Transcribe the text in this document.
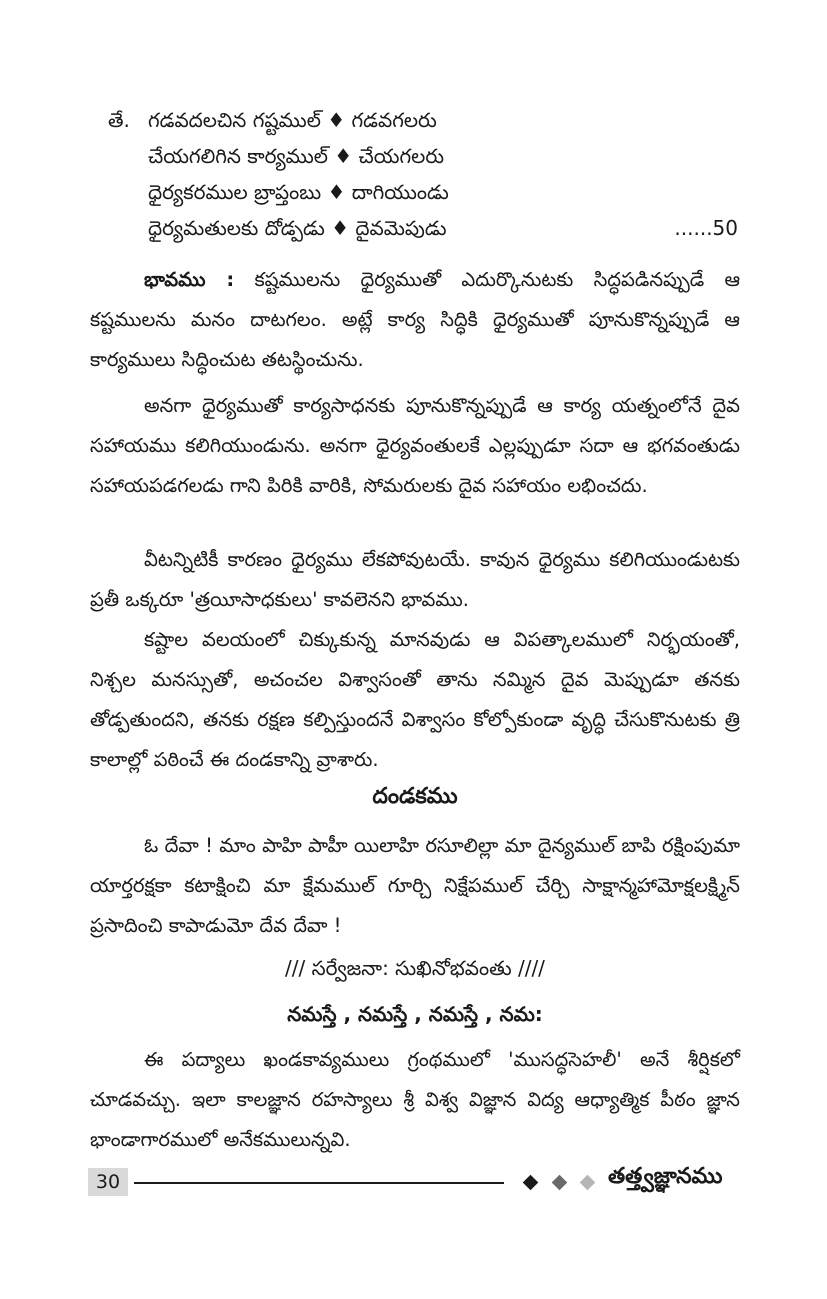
తే. గడవదలచిన గష్టముల్ ♦ గడవగలరు
చేయగలిగిన కార్యముల్ ♦ చేయగలరు
ధైర్యకరముల బ్రాప్తంబు ♦ దాగియుండు
ధైర్యమతులకు దోడ్పడు ♦ దైవమెపుడు	......50

భావము : కష్టములను ధైర్యముతో ఎదుర్కొనుటకు సిద్ధపడినప్పుడే ఆ కష్టములను మనం దాటగలం. అట్లే కార్య సిద్ధికి ధైర్యముతో పూనుకొన్నప్పుడే ఆ కార్యములు సిద్ధించుట తటస్థించును.

అనగా ధైర్యముతో కార్యసాధనకు పూనుకొన్నప్పుడే ఆ కార్య యత్నంలోనే దైవ సహాయము కలిగియుండును. అనగా ధైర్యవంతులకే ఎల్లప్పుడూ సదా ఆ భగవంతుడు సహాయపడగలడు గాని పిరికి వారికి, సోమరులకు దైవ సహాయం లభించదు.

వీటన్నిటికీ కారణం ధైర్యము లేకపోవుటయే. కావున ధైర్యము కలిగియుండుటకు ప్రతీ ఒక్కరూ 'త్రయీసాధకులు' కావలెనని భావము.

కష్టాల వలయంలో చిక్కుకున్న మానవుడు ఆ విపత్కాలములో నిర్భయంతో, నిశ్చల మనస్సుతో, అచంచల విశ్వాసంతో తాను నమ్మిన దైవ మెప్పుడూ తనకు తోడ్పతుందని, తనకు రక్షణ కల్పిస్తుందనే విశ్వాసం కోల్పోకుండా వృద్ధి చేసుకొనుటకు త్రి కాలాల్లో పఠించే ఈ దండకాన్ని వ్రాశారు.

దండకము

ఓ దేవా ! మాం పాహి పాహీ యిలాహి రసూలిల్లా మా దైన్యముల్ బాపి రక్షింపుమా యార్తరక్షకా కటాక్షించి మా క్షేమముల్ గూర్చి నిక్షేపముల్ చేర్చి సాక్షాన్మహామోక్షలక్ష్మిన్ ప్రసాదించి కాపాడుమో దేవ దేవా !

/// సర్వేజనా: సుఖినోభవంతు ////

నమస్తే , నమస్తే , నమస్తే , నమ:

ఈ పద్యాలు ఖండకావ్యములు గ్రంథములో 'ముసద్ధసెహలీ' అనే శీర్షికలో చూడవచ్చు. ఇలా కాలజ్ఞాన రహస్యాలు శ్రీ విశ్వ విజ్ఞాన విద్య ఆధ్యాత్మిక పీఠం జ్ఞాన భాండాగారములో అనేకములున్నవి.

30	తత్త్వజ్ఞానము
